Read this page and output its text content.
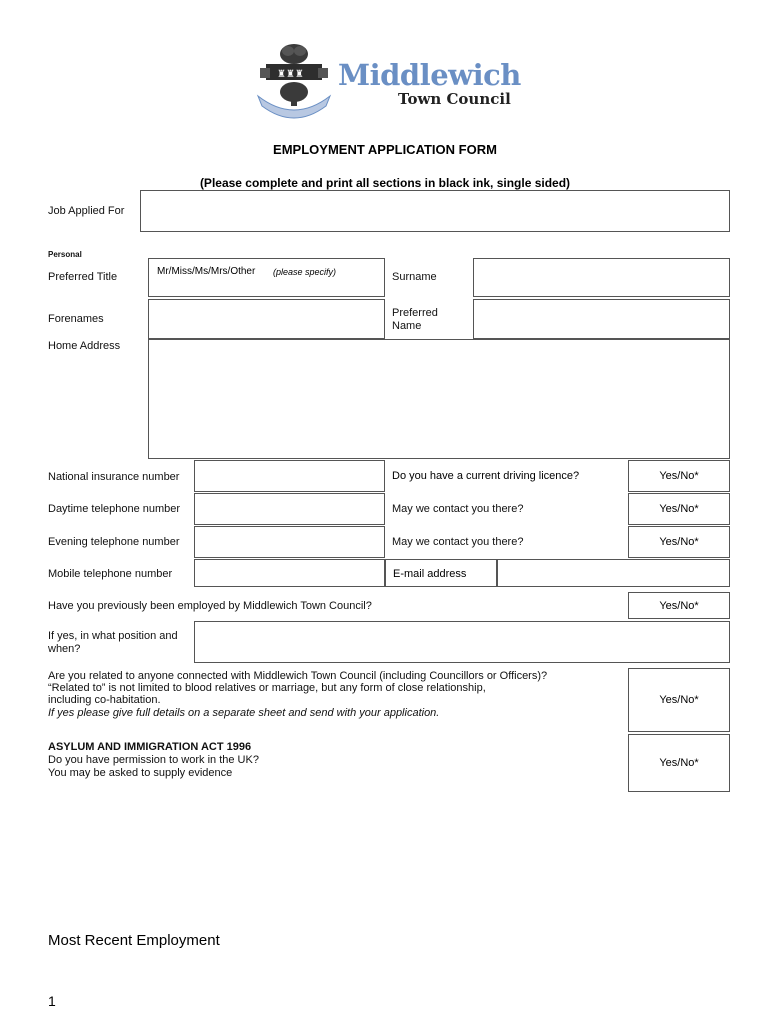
♜♜♜ Middlewich
Town Council
EMPLOYMENT APPLICATION FORM
(Please complete and print all sections in black ink, single sided)
Job Applied For
Personal
Preferred Title	Mr/Miss/Ms/Mrs/Other (please specify)	Surname
Forenames	Preferred
Name
Home Address
National insurance number	Do you have a current driving licence?	Yes/No*
Daytime telephone number	May we contact you there?	Yes/No*
Evening telephone number	May we contact you there?	Yes/No*
Mobile telephone number	E-mail address
Have you previously been employed by Middlewich Town Council?	Yes/No*
If yes, in what position and
when?
Are you related to anyone connected with Middlewich Town Council (including Councillors or Officers)?
“Related to” is not limited to blood relatives or marriage, but any form of close relationship,
including co-habitation.
If yes please give full details on a separate sheet and send with your application.
Yes/No*
ASYLUM AND IMMIGRATION ACT 1996
Do you have permission to work in the UK?
You may be asked to supply evidence
Yes/No*
Most Recent Employment
1
